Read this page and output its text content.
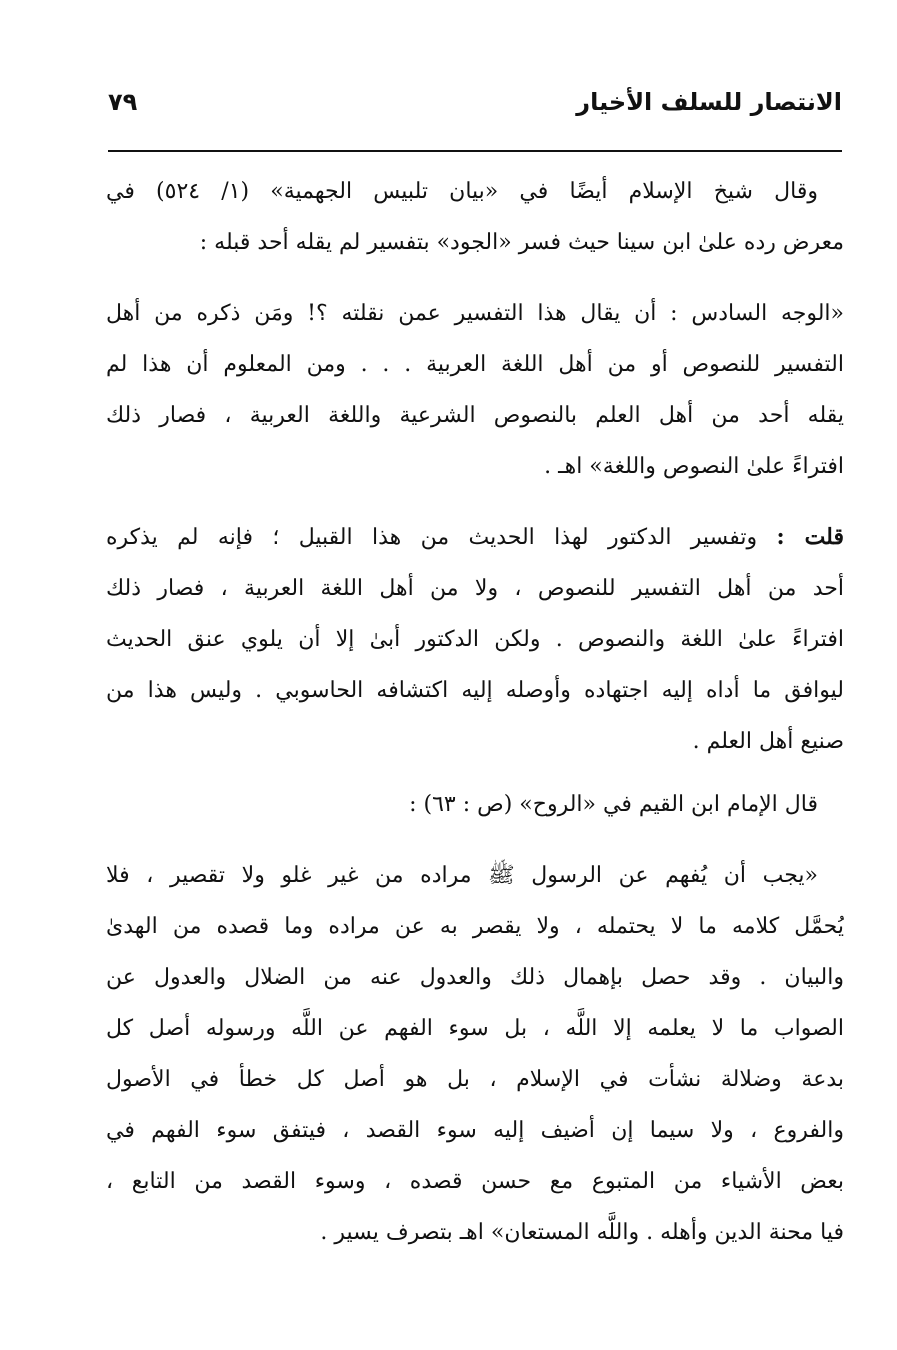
الانتصار للسلف الأخيار
٧٩
وقال شيخ الإسلام أيضًا في «بيان تلبيس الجهمية» (١/ ٥٢٤) في
معرض رده علىٰ ابن سينا حيث فسر «الجود» بتفسير لم يقله أحد قبله :
«الوجه السادس : أن يقال هذا التفسير عمن نقلته ؟! ومَن ذكره من أهل
التفسير للنصوص أو من أهل اللغة العربية . . . ومن المعلوم أن هذا لم
يقله أحد من أهل العلم بالنصوص الشرعية واللغة العربية ، فصار ذلك
افتراءً علىٰ النصوص واللغة» اهـ .
قلت : وتفسير الدكتور لهذا الحديث من هذا القبيل ؛ فإنه لم يذكره
أحد من أهل التفسير للنصوص ، ولا من أهل اللغة العربية ، فصار ذلك
افتراءً علىٰ اللغة والنصوص . ولكن الدكتور أبىٰ إلا أن يلوي عنق الحديث
ليوافق ما أداه إليه اجتهاده وأوصله إليه اكتشافه الحاسوبي . وليس هذا من
صنيع أهل العلم .
قال الإمام ابن القيم في «الروح» (ص : ٦٣) :
«يجب أن يُفهم عن الرسول ﷺ مراده من غير غلو ولا تقصير ، فلا
يُحمَّل كلامه ما لا يحتمله ، ولا يقصر به عن مراده وما قصده من الهدىٰ
والبيان . وقد حصل بإهمال ذلك والعدول عنه من الضلال والعدول عن
الصواب ما لا يعلمه إلا اللَّه ، بل سوء الفهم عن اللَّه ورسوله أصل كل
بدعة وضلالة نشأت في الإسلام ، بل هو أصل كل خطأ في الأصول
والفروع ، ولا سيما إن أضيف إليه سوء القصد ، فيتفق سوء الفهم في
بعض الأشياء من المتبوع مع حسن قصده ، وسوء القصد من التابع ،
فيا محنة الدين وأهله . واللَّه المستعان» اهـ بتصرف يسير .
